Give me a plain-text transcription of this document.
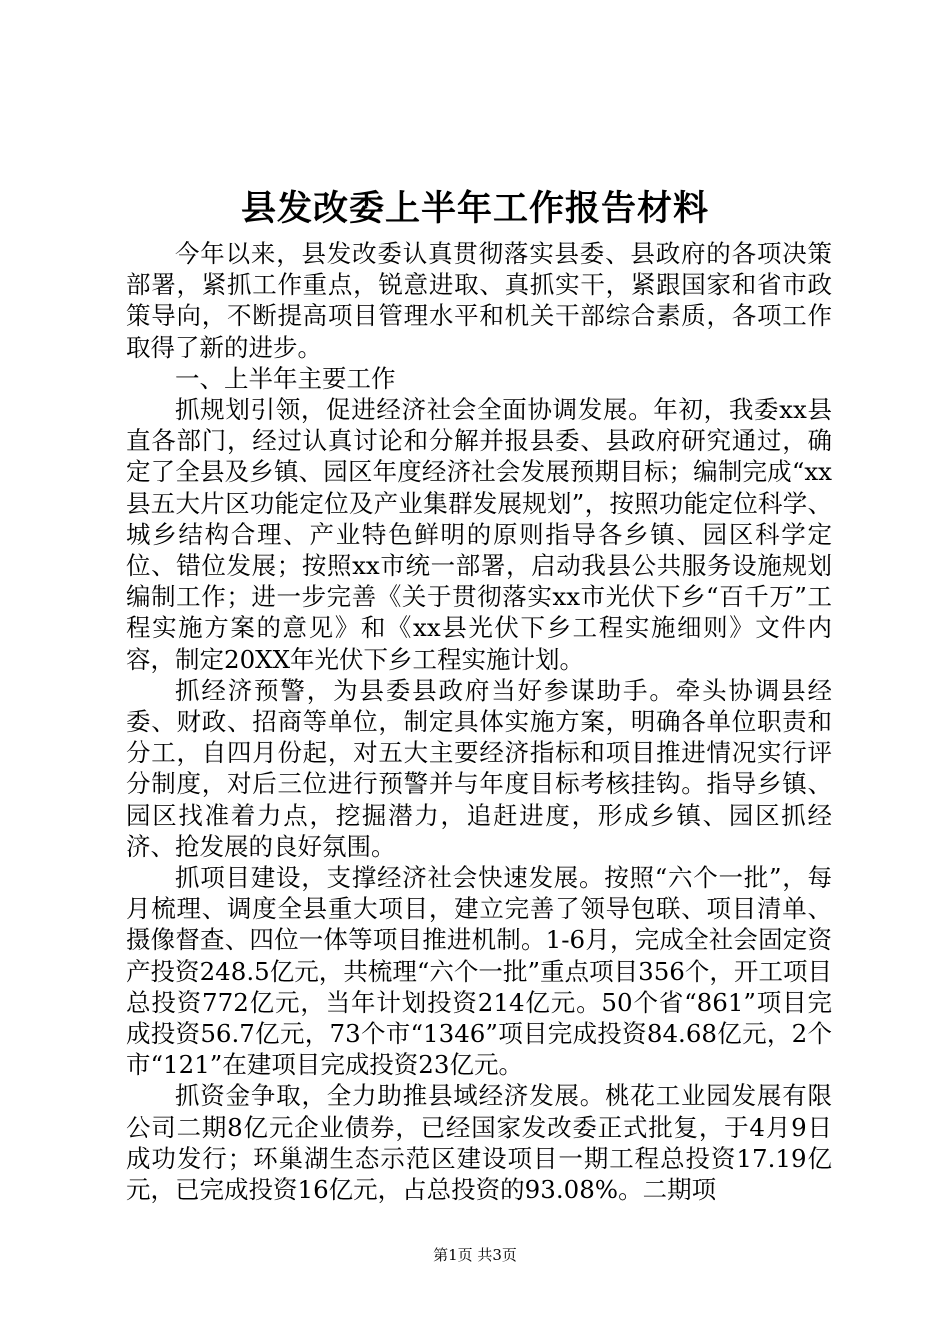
县发改委上半年工作报告材料

今年以来，县发改委认真贯彻落实县委、县政府的各项决策部署，紧抓工作重点，锐意进取、真抓实干，紧跟国家和省市政策导向，不断提高项目管理水平和机关干部综合素质，各项工作取得了新的进步。

一、上半年主要工作

抓规划引领，促进经济社会全面协调发展。年初，我委xx县直各部门，经过认真讨论和分解并报县委、县政府研究通过，确定了全县及乡镇、园区年度经济社会发展预期目标；编制完成“xx县五大片区功能定位及产业集群发展规划”，按照功能定位科学、城乡结构合理、产业特色鲜明的原则指导各乡镇、园区科学定位、错位发展；按照xx市统一部署，启动我县公共服务设施规划编制工作；进一步完善《关于贯彻落实xx市光伏下乡“百千万”工程实施方案的意见》和《xx县光伏下乡工程实施细则》文件内容，制定20XX年光伏下乡工程实施计划。

抓经济预警，为县委县政府当好参谋助手。牵头协调县经委、财政、招商等单位，制定具体实施方案，明确各单位职责和分工，自四月份起，对五大主要经济指标和项目推进情况实行评分制度，对后三位进行预警并与年度目标考核挂钩。指导乡镇、园区找准着力点，挖掘潜力，追赶进度，形成乡镇、园区抓经济、抢发展的良好氛围。

抓项目建设，支撑经济社会快速发展。按照“六个一批”，每月梳理、调度全县重大项目，建立完善了领导包联、项目清单、摄像督查、四位一体等项目推进机制。1-6月，完成全社会固定资产投资248.5亿元，共梳理“六个一批”重点项目356个，开工项目总投资772亿元，当年计划投资214亿元。50个省“861”项目完成投资56.7亿元，73个市“1346”项目完成投资84.68亿元，2个市“121”在建项目完成投资23亿元。

抓资金争取，全力助推县域经济发展。桃花工业园发展有限公司二期8亿元企业债券，已经国家发改委正式批复，于4月9日成功发行；环巢湖生态示范区建设项目一期工程总投资17.19亿元，已完成投资16亿元，占总投资的93.08%。二期项

第1页 共3页
